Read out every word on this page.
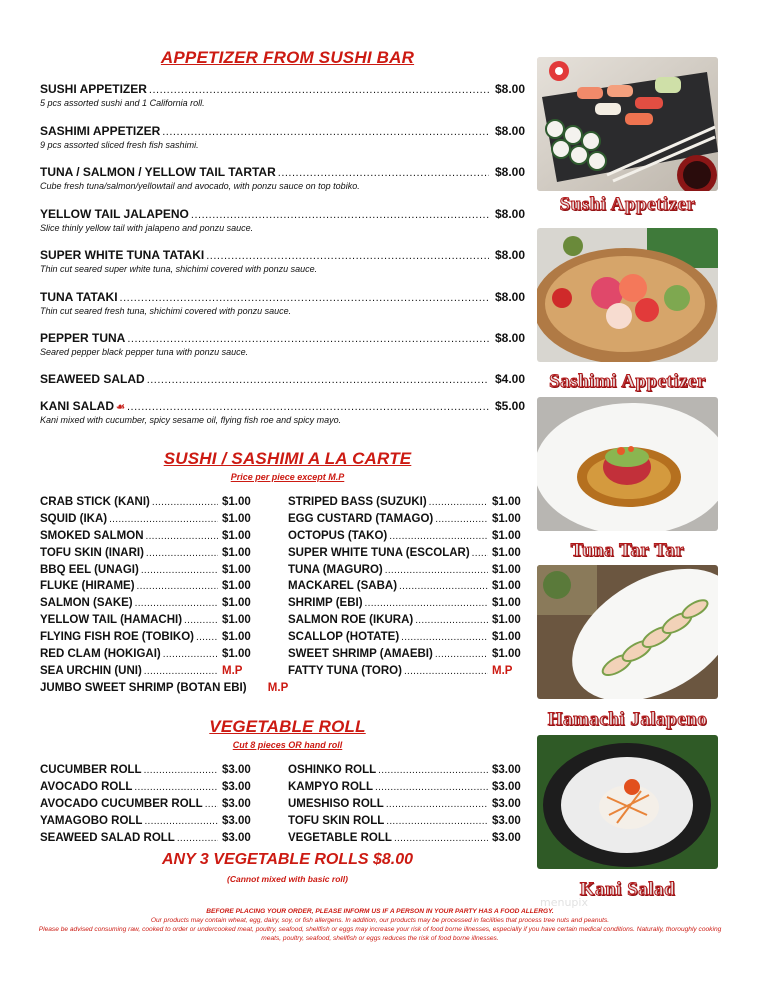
APPETIZER FROM SUSHI BAR
SUSHI APPETIZER .....	$8.00
5 pcs assorted sushi and 1 California roll.
SASHIMI APPETIZER .....	$8.00
9 pcs assorted sliced fresh fish sashimi.
TUNA / SALMON / YELLOW TAIL TARTAR .....	$8.00
Cube fresh tuna/salmon/yellowtail and avocado, with ponzu sauce on top tobiko.
YELLOW TAIL JALAPENO .....	$8.00
Slice thinly yellow tail with jalapeno and ponzu sauce.
SUPER WHITE TUNA TATAKI .....	$8.00
Thin cut seared super white tuna, shichimi covered with ponzu sauce.
TUNA TATAKI .....	$8.00
Thin cut seared fresh tuna, shichimi covered with ponzu sauce.
PEPPER TUNA .....	$8.00
Seared pepper black pepper tuna with ponzu sauce.
SEAWEED SALAD .....	$4.00
KANI SALAD ☙ .....	$5.00
Kani mixed with cucumber, spicy sesame oil, flying fish roe and spicy mayo.
SUSHI / SASHIMI A LA CARTE
Price per piece except M.P
CRAB STICK (KANI) .....	$1.00
SQUID (IKA) .....	$1.00
SMOKED SALMON .....	$1.00
TOFU SKIN (INARI) .....	$1.00
BBQ EEL (UNAGI) .....	$1.00
FLUKE (HIRAME) .....	$1.00
SALMON (SAKE) .....	$1.00
YELLOW TAIL (HAMACHI) .....	$1.00
FLYING FISH ROE (TOBIKO) ..... $1.00
RED CLAM (HOKIGAI) .....	$1.00
SEA URCHIN (UNI) .....	M.P
STRIPED BASS (SUZUKI) .....	$1.00
EGG CUSTARD (TAMAGO) .....	$1.00
OCTOPUS (TAKO) .....	$1.00
SUPER WHITE TUNA (ESCOLAR) ..... $1.00
TUNA (MAGURO) .....	$1.00
MACKAREL (SABA) .....	$1.00
SHRIMP (EBI) .....	$1.00
SALMON ROE (IKURA) .....	$1.00
SCALLOP (HOTATE) .....	$1.00
SWEET SHRIMP (AMAEBI) .....	$1.00
FATTY TUNA (TORO) .....	M.P
JUMBO SWEET SHRIMP (BOTAN EBI) M.P
VEGETABLE ROLL
Cut 8 pieces OR hand roll
CUCUMBER ROLL .....	$3.00
AVOCADO ROLL .....	$3.00
AVOCADO CUCUMBER ROLL ..... $3.00
YAMAGOBO ROLL .....	$3.00
SEAWEED SALAD ROLL .....	$3.00
OSHINKO ROLL .....	$3.00
KAMPYO ROLL .....	$3.00
UMESHISO ROLL .....	$3.00
TOFU SKIN ROLL .....	$3.00
VEGETABLE ROLL .....	$3.00
ANY 3 VEGETABLE ROLLS $8.00
(Cannot mixed with basic roll)
BEFORE PLACING YOUR ORDER, PLEASE INFORM US IF A PERSON IN YOUR PARTY HAS A FOOD ALLERGY.
Our products may contain wheat, egg, dairy, soy, or fish allergens. In addition, our products may be processed in facilities that process tree nuts and peanuts.
Please be advised consuming raw, cooked to order or undercooked meat, poultry, seafood, shellfish or eggs may increase your risk of food borne illnesses, especially if you have certain medical conditions. Naturally, thoroughly cooking meats, poultry, seafood, shellfish or eggs reduces the risk of food borne illnesses.
Sushi Appetizer
Sashimi Appetizer
Tuna Tar Tar
Hamachi Jalapeno
Kani Salad
menupix
